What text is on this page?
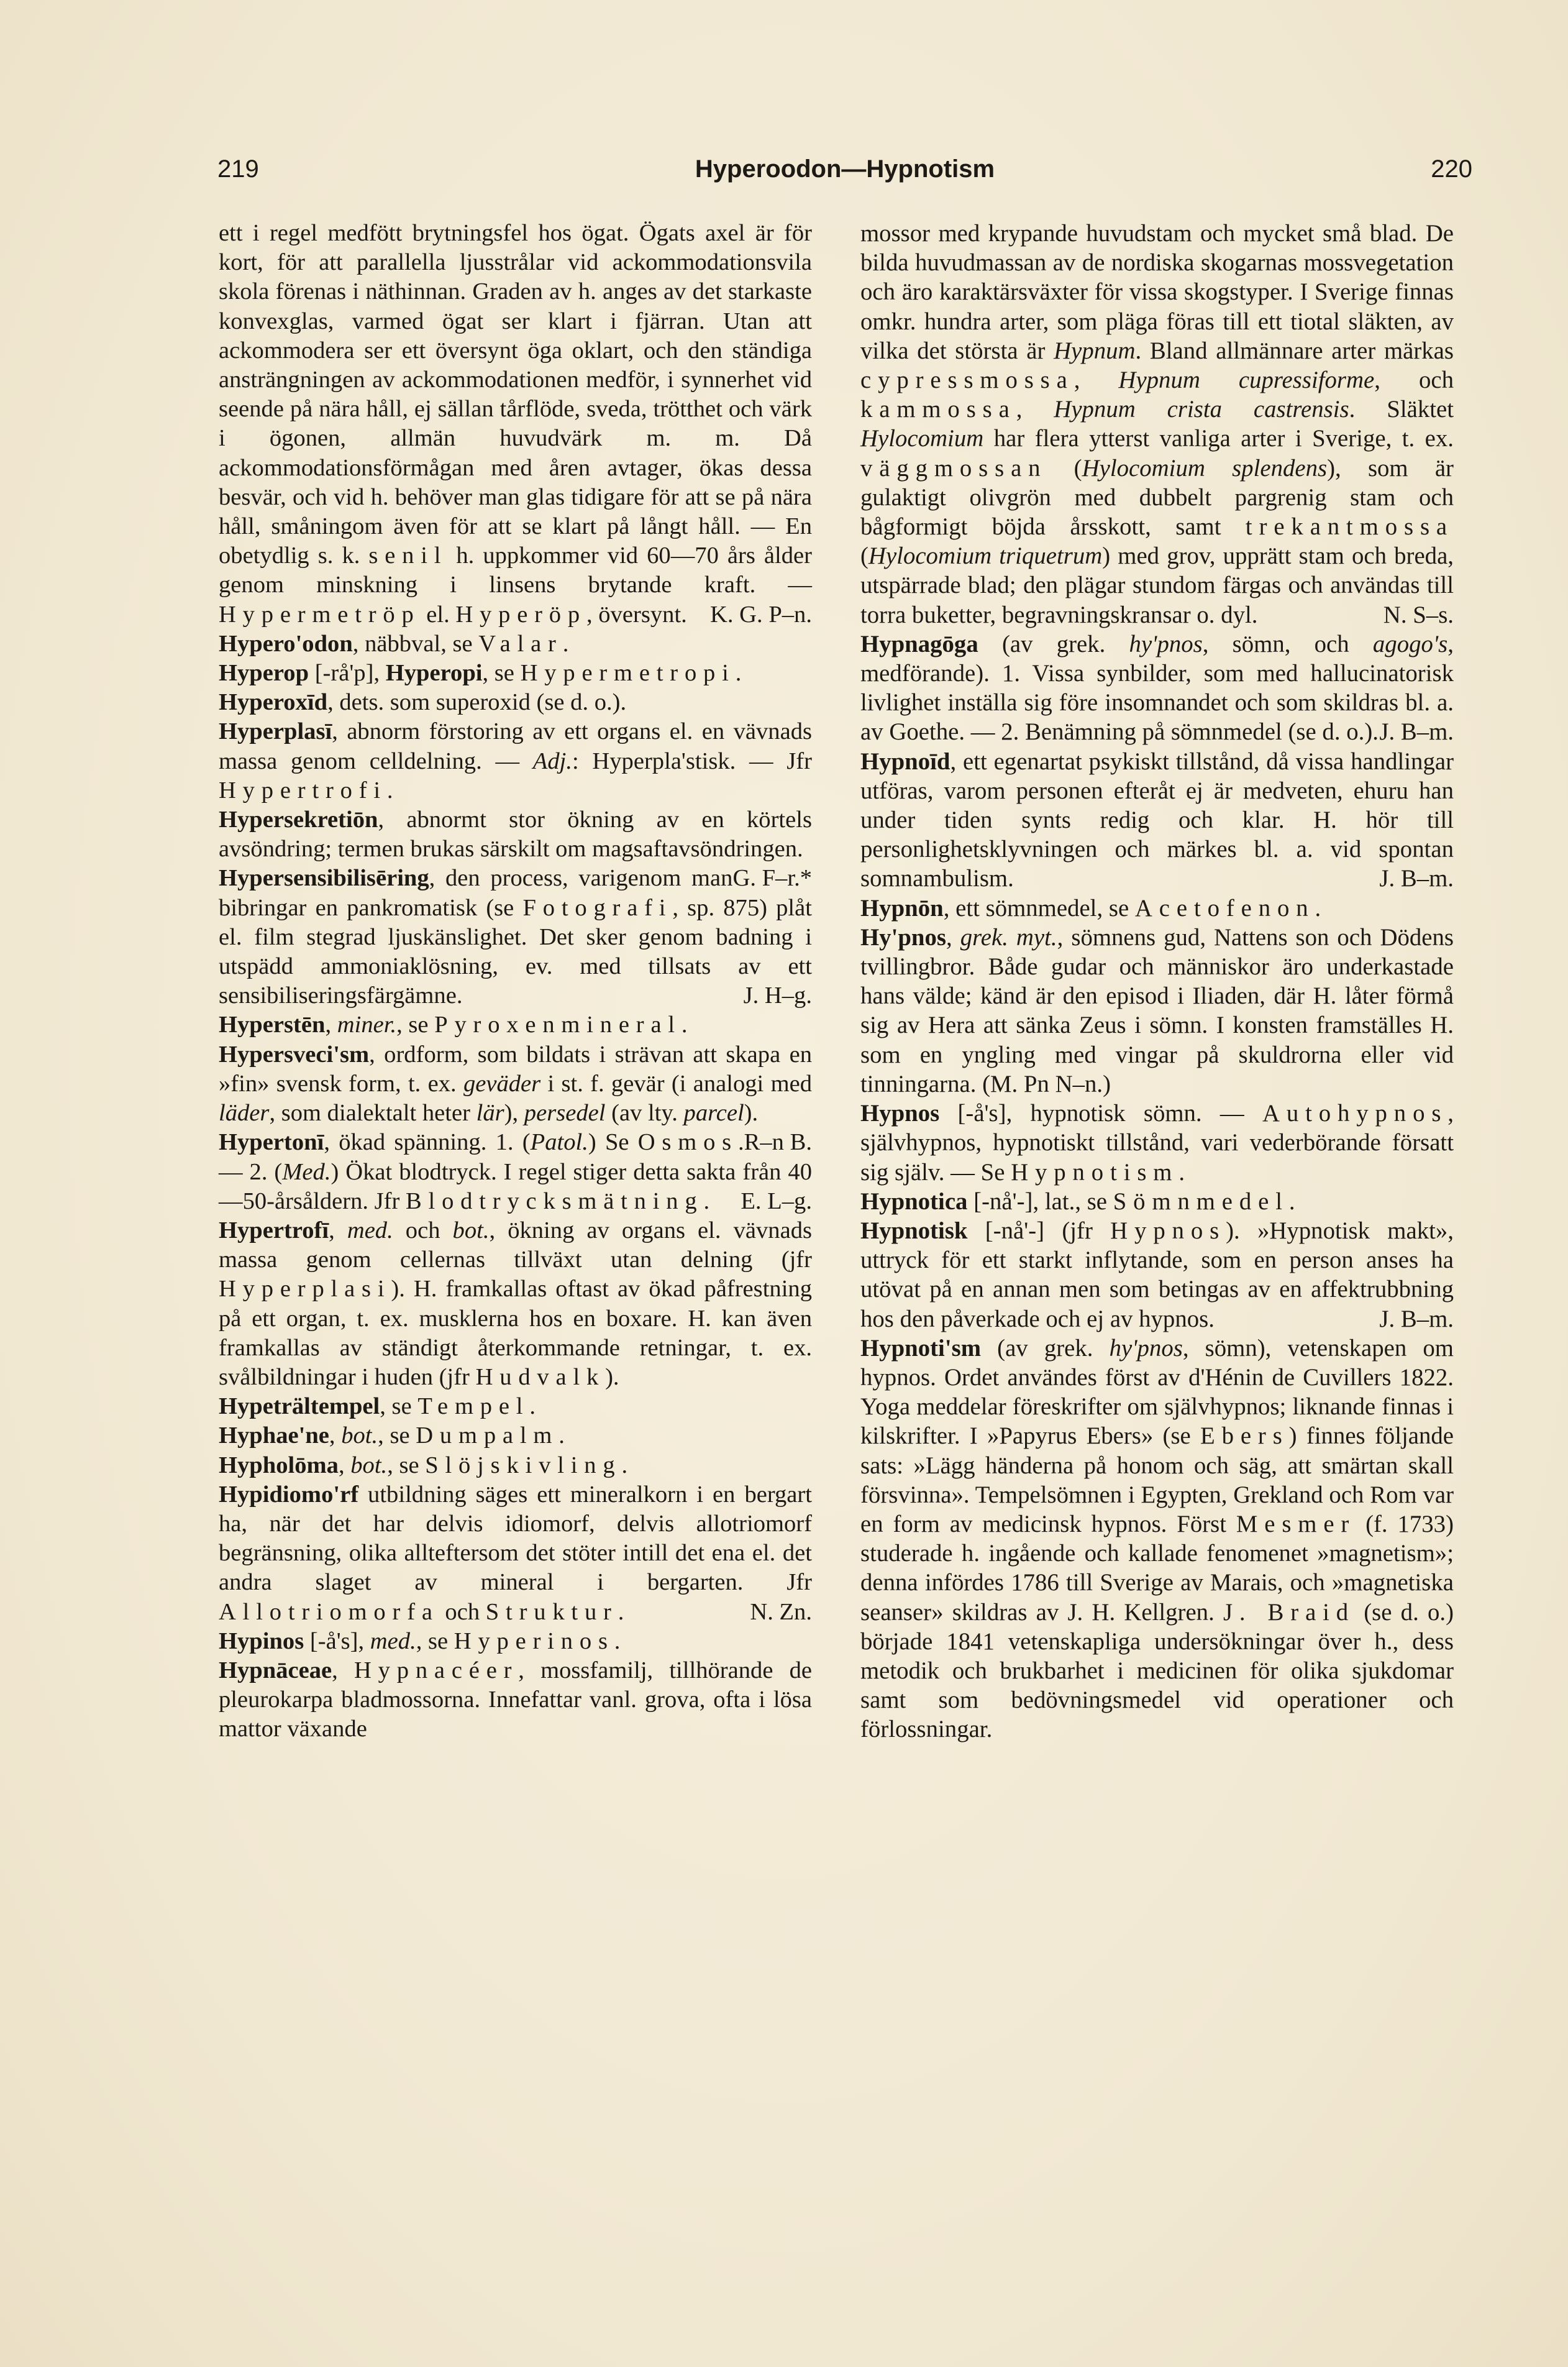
219	Hyperoodon—Hypnotism	220

ett i regel medfött brytningsfel hos ögat. Ögats axel är för kort, för att parallella ljusstrålar vid ackommodationsvila skola förenas i näthinnan. Graden av h. anges av det starkaste konvexglas, varmed ögat ser klart i fjärran. Utan att ackommodera ser ett översynt öga oklart, och den ständiga ansträngningen av ackommodationen medför, i synnerhet vid seende på nära håll, ej sällan tårflöde, sveda, trötthet och värk i ögonen, allmän huvudvärk m. m. Då ackommodationsförmågan med åren avtager, ökas dessa besvär, och vid h. behöver man glas tidigare för att se på nära håll, småningom även för att se klart på långt håll. — En obetydlig s. k. senil h. uppkommer vid 60—70 års ålder genom minskning i linsens brytande kraft. — Hypermetröp el. Hyperöp, översynt. K. G. P–n.

Hypero'odon, näbbval, se Valar.

Hyperop [-rå'p], Hyperopi, se Hypermetropi.

Hyperoxīd, dets. som superoxid (se d. o.).

Hyperplasī, abnorm förstoring av ett organs el. en vävnads massa genom celldelning. — Adj.: Hyperpla'stisk. — Jfr Hypertrofi.

Hypersekretiōn, abnormt stor ökning av en körtels avsöndring; termen brukas särskilt om magsaftavsöndringen.
G. F–r.*

Hypersensibilisēring, den process, varigenom man bibringar en pankromatisk (se Fotografi, sp. 875) plåt el. film stegrad ljuskänslighet. Det sker genom badning i utspädd ammoniaklösning, ev. med tillsats av ett sensibiliseringsfärgämne.	J. H–g.

Hyperstēn, miner., se Pyroxenmineral.

Hypersveci'sm, ordform, som bildats i strävan att skapa en »fin» svensk form, t. ex. geväder i st. f. gevär (i analogi med läder, som dialektalt heter lär), persedel (av lty. parcel).
R–n B.

Hypertonī, ökad spänning. 1. (Patol.) Se Osmos. — 2. (Med.) Ökat blodtryck. I regel stiger detta sakta från 40—50-årsåldern. Jfr Blodtrycksmätning. E. L–g.

Hypertrofī, med. och bot., ökning av organs el. vävnads massa genom cellernas tillväxt utan delning (jfr Hyperplasi). H. framkallas oftast av ökad påfrestning på ett organ, t. ex. musklerna hos en boxare. H. kan även framkallas av ständigt återkommande retningar, t. ex. svålbildningar i huden (jfr Hudvalk).

Hypeträltempel, se Tempel.

Hyphae'ne, bot., se Dumpalm.

Hypholōma, bot., se Slöjskivling.

Hypidiomo'rf utbildning säges ett mineralkorn i en bergart ha, när det har delvis idiomorf, delvis allotriomorf begränsning, olika allteftersom det stöter intill det ena el. det andra slaget av mineral i bergarten. Jfr Allotriomorfa och Struktur.	N. Zn.

Hypinos [-å's], med., se Hyperinos.

Hypnāceae, Hypnacéer, mossfamilj, tillhörande de pleurokarpa bladmossorna. Innefattar vanl. grova, ofta i lösa mattor växande

mossor med krypande huvudstam och mycket små blad. De bilda huvudmassan av de nordiska skogarnas mossvegetation och äro karaktärsväxter för vissa skogstyper. I Sverige finnas omkr. hundra arter, som pläga föras till ett tiotal släkten, av vilka det största är Hypnum. Bland allmännare arter märkas cypressmossa, Hypnum cupressiforme, och kammossa, Hypnum crista castrensis. Släktet Hylocomium har flera ytterst vanliga arter i Sverige, t. ex. väggmossan (Hylocomium splendens), som är gulaktigt olivgrön med dubbelt pargrenig stam och bågformigt böjda årsskott, samt trekantmossa (Hylocomium triquetrum) med grov, upprätt stam och breda, utspärrade blad; den plägar stundom färgas och användas till torra buketter, begravningskransar o. dyl.	N. S–s.

Hypnagōga (av grek. hy'pnos, sömn, och agogo's, medförande). 1. Vissa synbilder, som med hallucinatorisk livlighet inställa sig före insomnandet och som skildras bl. a. av Goethe. — 2. Benämning på sömnmedel (se d. o.). J. B–m.

Hypnoīd, ett egenartat psykiskt tillstånd, då vissa handlingar utföras, varom personen efteråt ej är medveten, ehuru han under tiden synts redig och klar. H. hör till personlighetsklyvningen och märkes bl. a. vid spontan somnambulism.	J. B–m.

Hypnōn, ett sömnmedel, se Acetofenon.

Hy'pnos, grek. myt., sömnens gud, Nattens son och Dödens tvillingbror. Både gudar och människor äro underkastade hans välde; känd är den episod i Iliaden, där H. låter förmå sig av Hera att sänka Zeus i sömn. I konsten framställes H. som en yngling med vingar på skuldrorna eller vid tinningarna. (M. Pn N–n.)

Hypnos [-å's], hypnotisk sömn. — Autohypnos, självhypnos, hypnotiskt tillstånd, vari vederbörande försatt sig själv. — Se Hypnotism.

Hypnotica [-nå'-], lat., se Sömnmedel.

Hypnotisk [-nå'-] (jfr Hypnos). »Hypnotisk makt», uttryck för ett starkt inflytande, som en person anses ha utövat på en annan men som betingas av en affektrubbning hos den påverkade och ej av hypnos.	J. B–m.

Hypnoti'sm (av grek. hy'pnos, sömn), vetenskapen om hypnos. Ordet användes först av d'Hénin de Cuvillers 1822. Yoga meddelar föreskrifter om självhypnos; liknande finnas i kilskrifter. I »Papyrus Ebers» (se Ebers) finnes följande sats: »Lägg händerna på honom och säg, att smärtan skall försvinna». Tempelsömnen i Egypten, Grekland och Rom var en form av medicinsk hypnos. Först Mesmer (f. 1733) studerade h. ingående och kallade fenomenet »magnetism»; denna infördes 1786 till Sverige av Marais, och »magnetiska seanser» skildras av J. H. Kellgren. J. Braid (se d. o.) började 1841 vetenskapliga undersökningar över h., dess metodik och brukbarhet i medicinen för olika sjukdomar samt som bedövningsmedel vid operationer och förlossningar.
